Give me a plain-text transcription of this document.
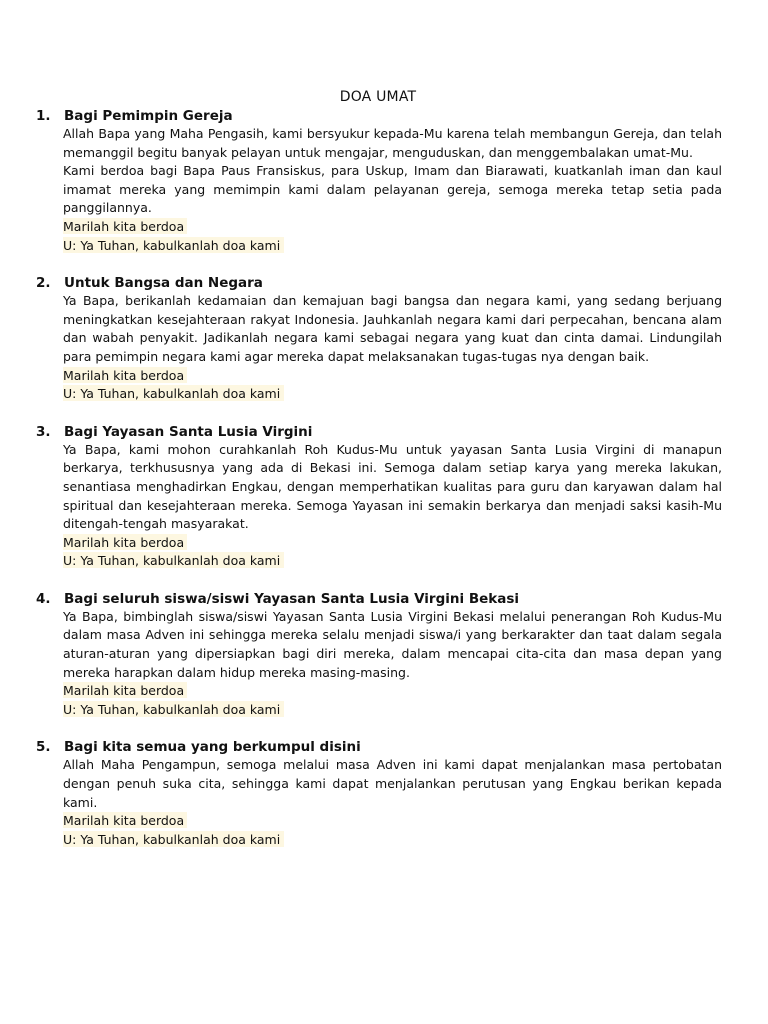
DOA UMAT
1. Bagi Pemimpin Gereja

Allah Bapa yang Maha Pengasih, kami bersyukur kepada-Mu karena telah membangun Gereja, dan telah memanggil begitu banyak pelayan untuk mengajar, menguduskan, dan menggembalakan umat-Mu.

Kami berdoa bagi Bapa Paus Fransiskus, para Uskup, Imam dan Biarawati, kuatkanlah iman dan kaul imamat mereka yang memimpin kami dalam pelayanan gereja, semoga mereka tetap setia pada panggilannya.

Marilah kita berdoa
U: Ya Tuhan, kabulkanlah doa kami
2. Untuk Bangsa dan Negara

Ya Bapa, berikanlah kedamaian dan kemajuan bagi bangsa dan negara kami, yang sedang berjuang meningkatkan kesejahteraan rakyat Indonesia. Jauhkanlah negara kami dari perpecahan, bencana alam dan wabah penyakit. Jadikanlah negara kami sebagai negara yang kuat dan cinta damai. Lindungilah para pemimpin negara kami agar mereka dapat melaksanakan tugas-tugas nya dengan baik.

Marilah kita berdoa
U: Ya Tuhan, kabulkanlah doa kami
3. Bagi Yayasan Santa Lusia Virgini

Ya Bapa, kami mohon curahkanlah Roh Kudus-Mu untuk yayasan Santa Lusia Virgini di manapun berkarya, terkhususnya yang ada di Bekasi ini. Semoga dalam setiap karya yang mereka lakukan, senantiasa menghadirkan Engkau, dengan memperhatikan kualitas para guru dan karyawan dalam hal spiritual dan kesejahteraan mereka. Semoga Yayasan ini semakin berkarya dan menjadi saksi kasih-Mu ditengah-tengah masyarakat.

Marilah kita berdoa
U: Ya Tuhan, kabulkanlah doa kami
4. Bagi seluruh siswa/siswi Yayasan Santa Lusia Virgini Bekasi

Ya Bapa, bimbinglah siswa/siswi Yayasan Santa Lusia Virgini Bekasi melalui penerangan Roh Kudus-Mu dalam masa Adven ini sehingga mereka selalu menjadi siswa/i yang berkarakter dan taat dalam segala aturan-aturan yang dipersiapkan bagi diri mereka, dalam mencapai cita-cita dan masa depan yang mereka harapkan dalam hidup mereka masing-masing.

Marilah kita berdoa
U: Ya Tuhan, kabulkanlah doa kami
5. Bagi kita semua yang berkumpul disini

Allah Maha Pengampun, semoga melalui masa Adven ini kami dapat menjalankan masa pertobatan dengan penuh suka cita, sehingga kami dapat menjalankan perutusan yang Engkau berikan kepada kami.

Marilah kita berdoa
U: Ya Tuhan, kabulkanlah doa kami
